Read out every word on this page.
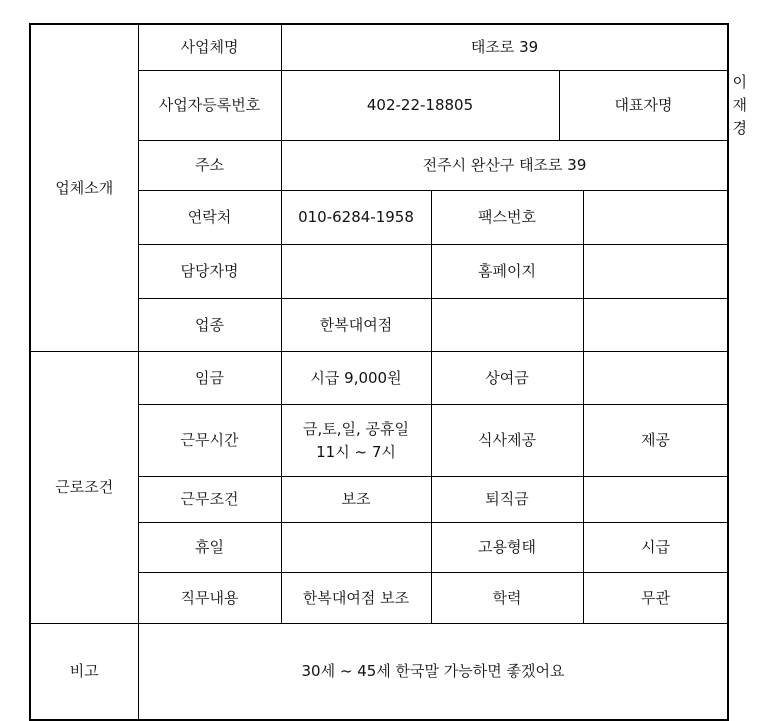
업체소개	사업체명	태조로 39				
	사업자등록번호	402-22-18805		대표자명		이재경
	주소	전주시 완산구 태조로 39				
	연락처	010-6284-1958	팩스번호			
	담당자명		홈페이지			
	업종	한복대여점				
근로조건	임금	시급 9,000원	상여금			
	근무시간	금,토,일, 공휴일
11시 ~ 7시	식사제공		제공	
	근무조건	보조	퇴직금			
	휴일		고용형태		시급	
	직무내용	한복대여점 보조	학력		무관	
비고	30세 ~ 45세 한국말 가능하면 좋겠어요					
